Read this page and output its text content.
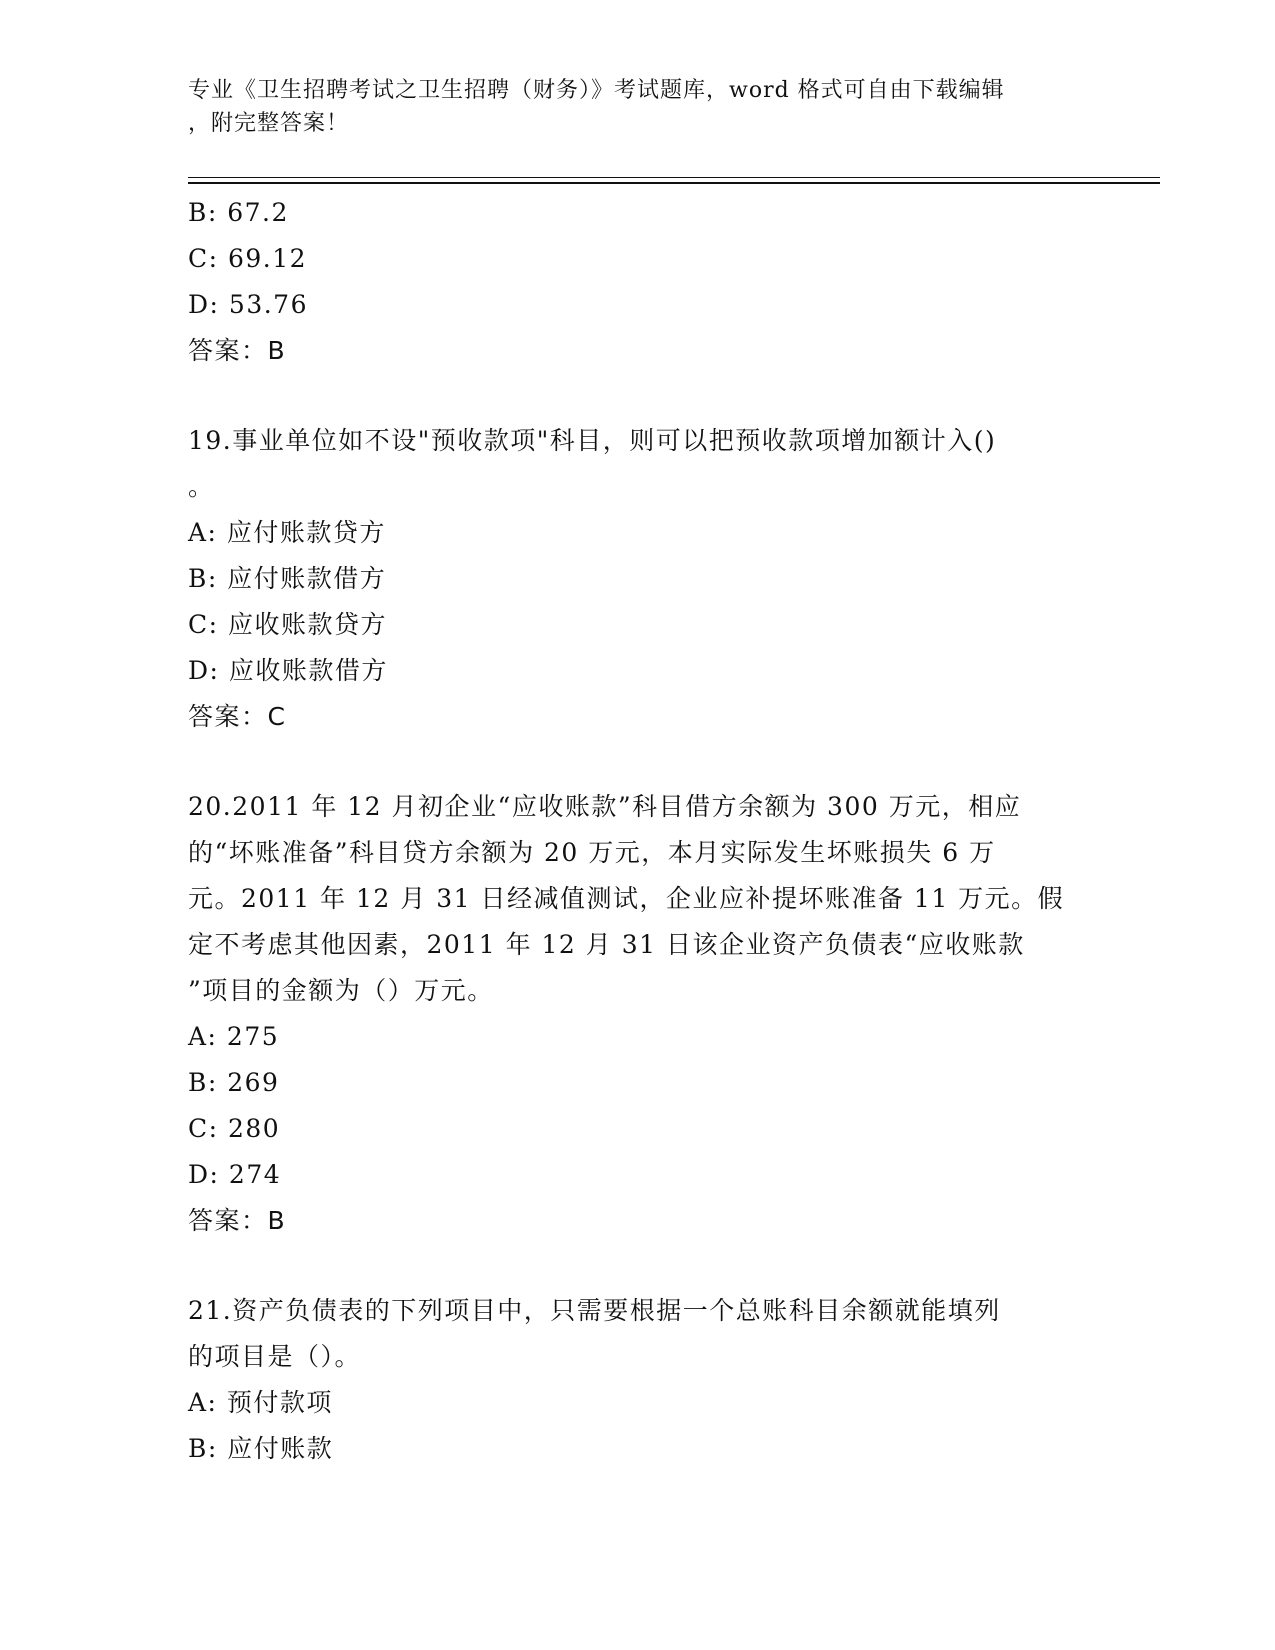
专业《卫生招聘考试之卫生招聘（财务）》考试题库，word 格式可自由下载编辑
，附完整答案！
B: 67.2
C: 69.12
D: 53.76
答案：B
19.事业单位如不设"预收款项"科目，则可以把预收款项增加额计入()
。
A: 应付账款贷方
B: 应付账款借方
C: 应收账款贷方
D: 应收账款借方
答案：C
20.2011 年 12 月初企业“应收账款”科目借方余额为 300 万元，相应
的“坏账准备”科目贷方余额为 20 万元，本月实际发生坏账损失 6 万
元。2011 年 12 月 31 日经减值测试，企业应补提坏账准备 11 万元。假
定不考虑其他因素，2011 年 12 月 31 日该企业资产负债表“应收账款
”项目的金额为（）万元。
A: 275
B: 269
C: 280
D: 274
答案：B
21.资产负债表的下列项目中，只需要根据一个总账科目余额就能填列
的项目是（）。
A: 预付款项
B: 应付账款
